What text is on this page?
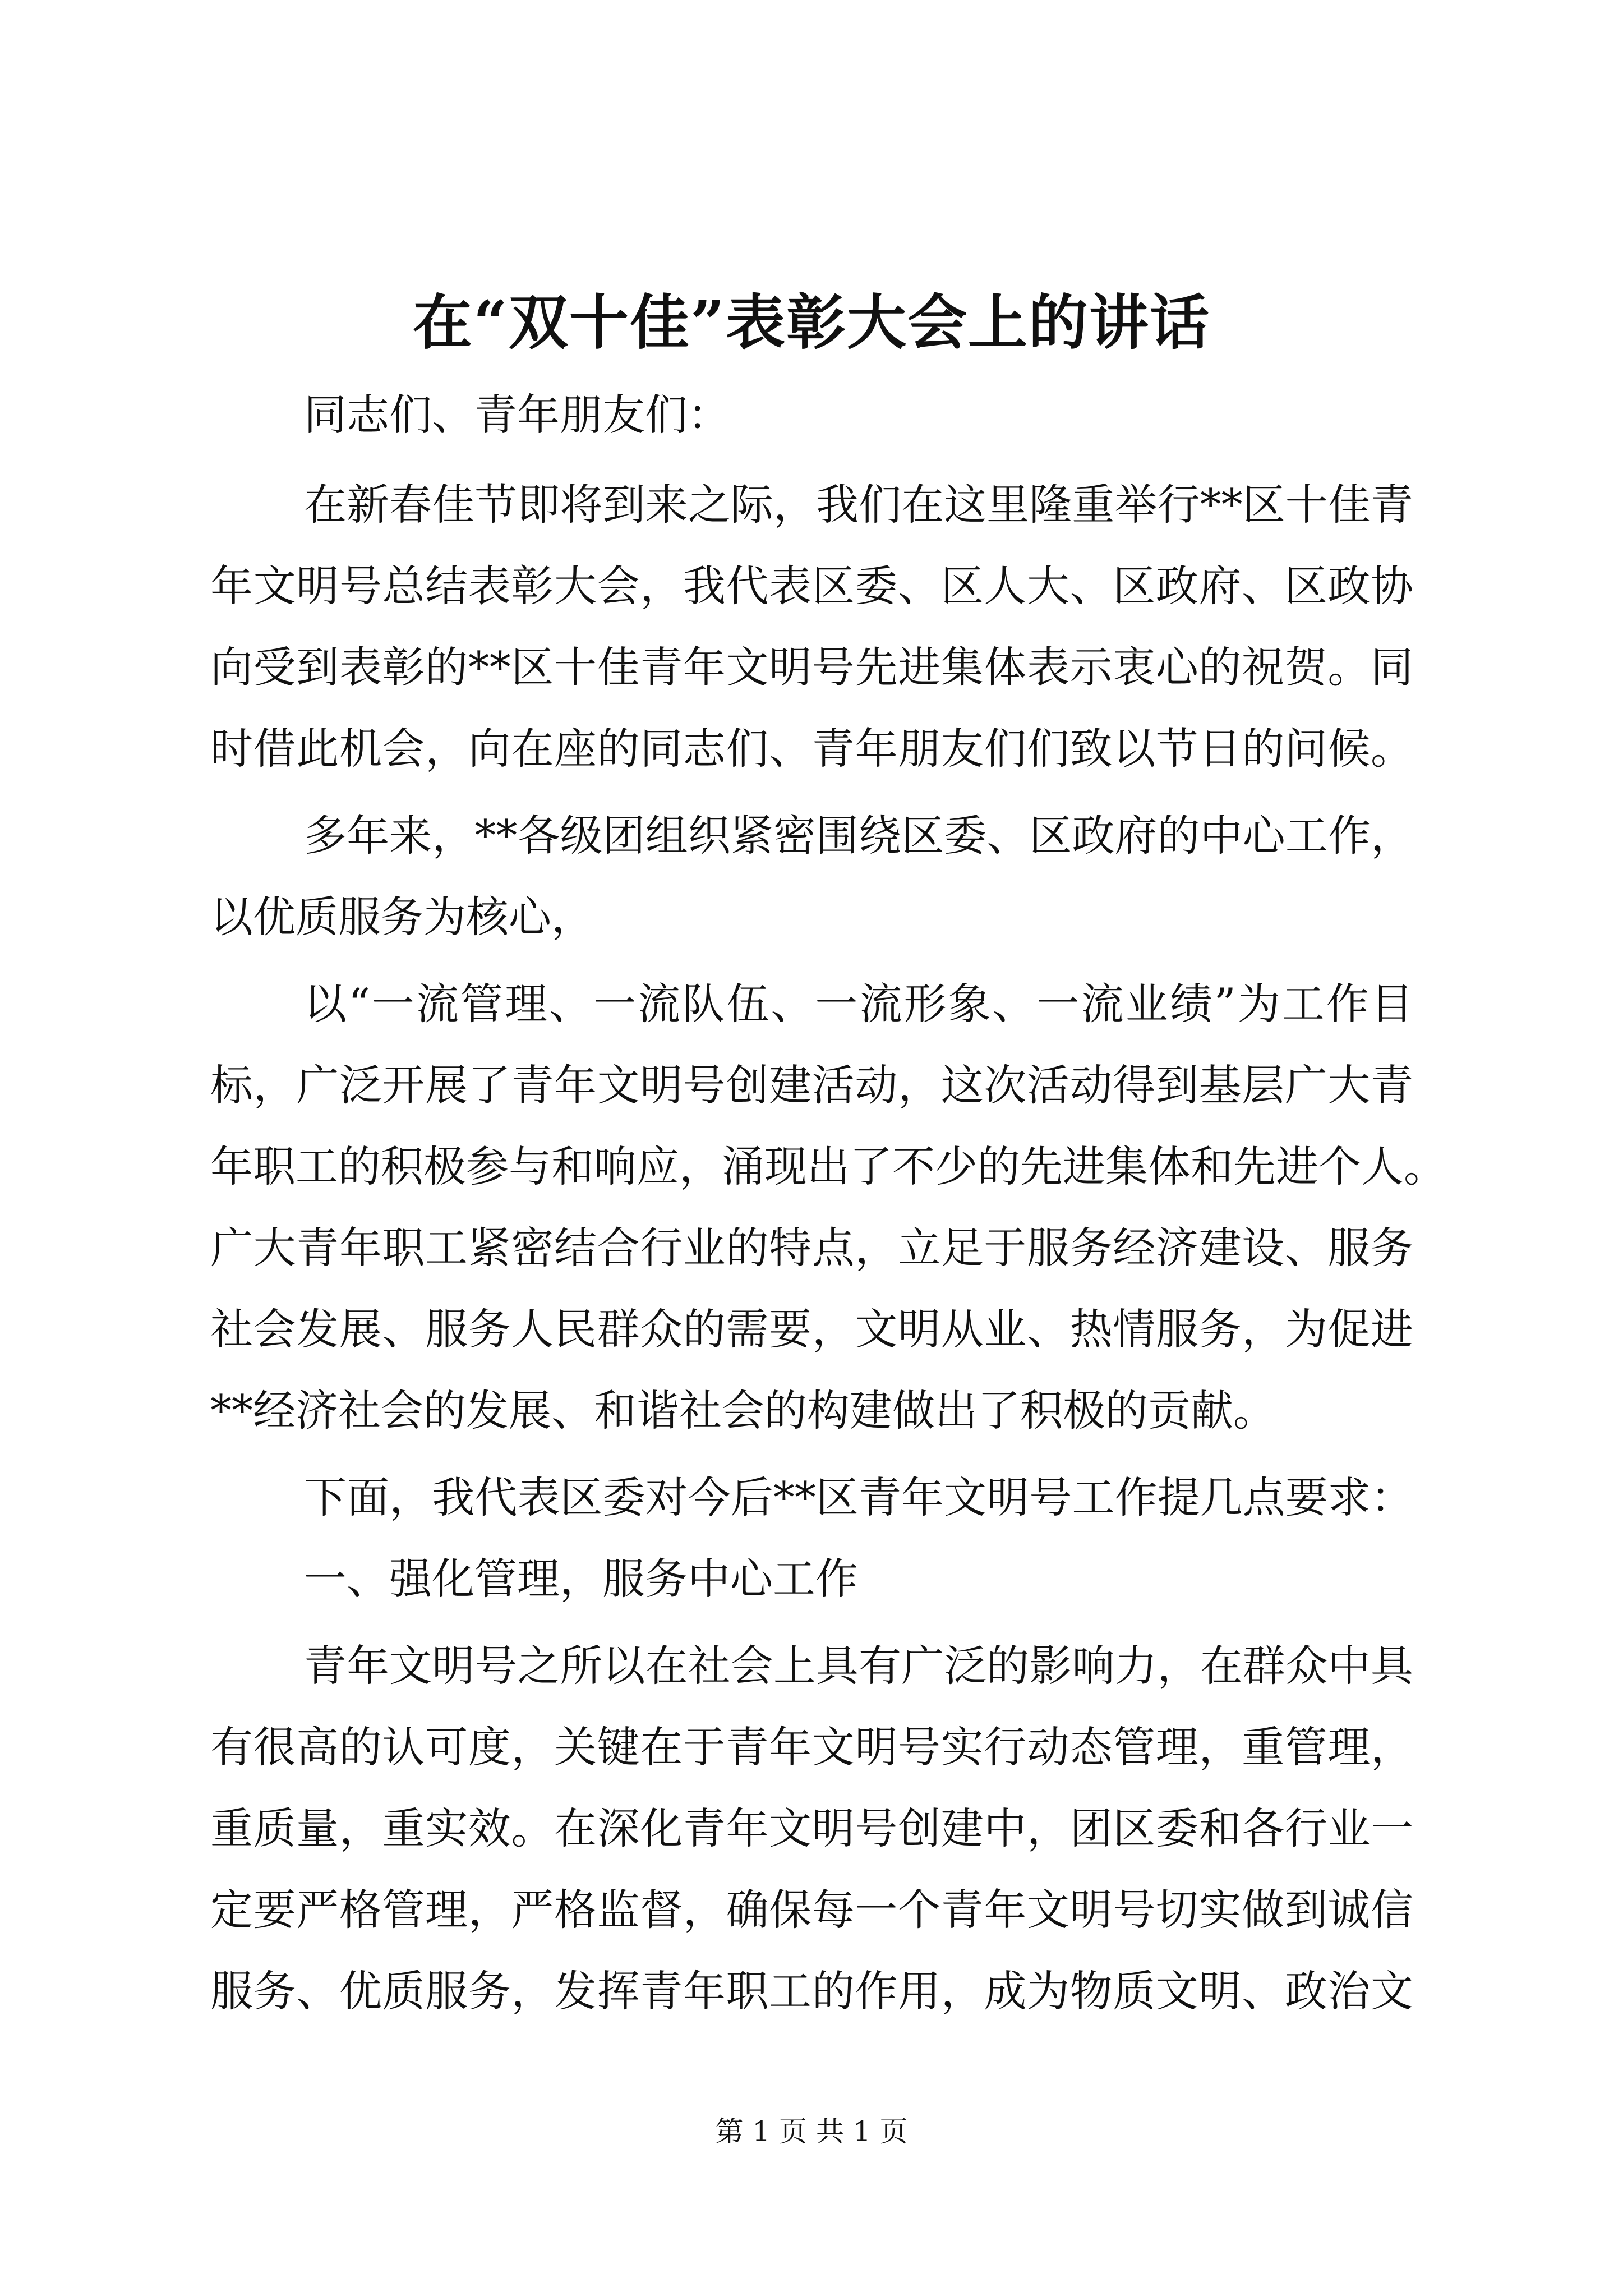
在“双十佳”表彰大会上的讲话
同志们、青年朋友们：
在新春佳节即将到来之际，我们在这里隆重举行**区十佳青
年文明号总结表彰大会，我代表区委、区人大、区政府、区政协
向受到表彰的**区十佳青年文明号先进集体表示衷心的祝贺。同
时借此机会，向在座的同志们、青年朋友们们致以节日的问候。
多年来，**各级团组织紧密围绕区委、区政府的中心工作，
以优质服务为核心，
以“一流管理、一流队伍、一流形象、一流业绩”为工作目
标，广泛开展了青年文明号创建活动，这次活动得到基层广大青
年职工的积极参与和响应，涌现出了不少的先进集体和先进个人。
广大青年职工紧密结合行业的特点，立足于服务经济建设、服务
社会发展、服务人民群众的需要，文明从业、热情服务，为促进
**经济社会的发展、和谐社会的构建做出了积极的贡献。
下面，我代表区委对今后**区青年文明号工作提几点要求：
一、强化管理，服务中心工作
青年文明号之所以在社会上具有广泛的影响力，在群众中具
有很高的认可度，关键在于青年文明号实行动态管理，重管理，
重质量，重实效。在深化青年文明号创建中，团区委和各行业一
定要严格管理，严格监督，确保每一个青年文明号切实做到诚信
服务、优质服务，发挥青年职工的作用，成为物质文明、政治文
第 1 页 共 1 页
